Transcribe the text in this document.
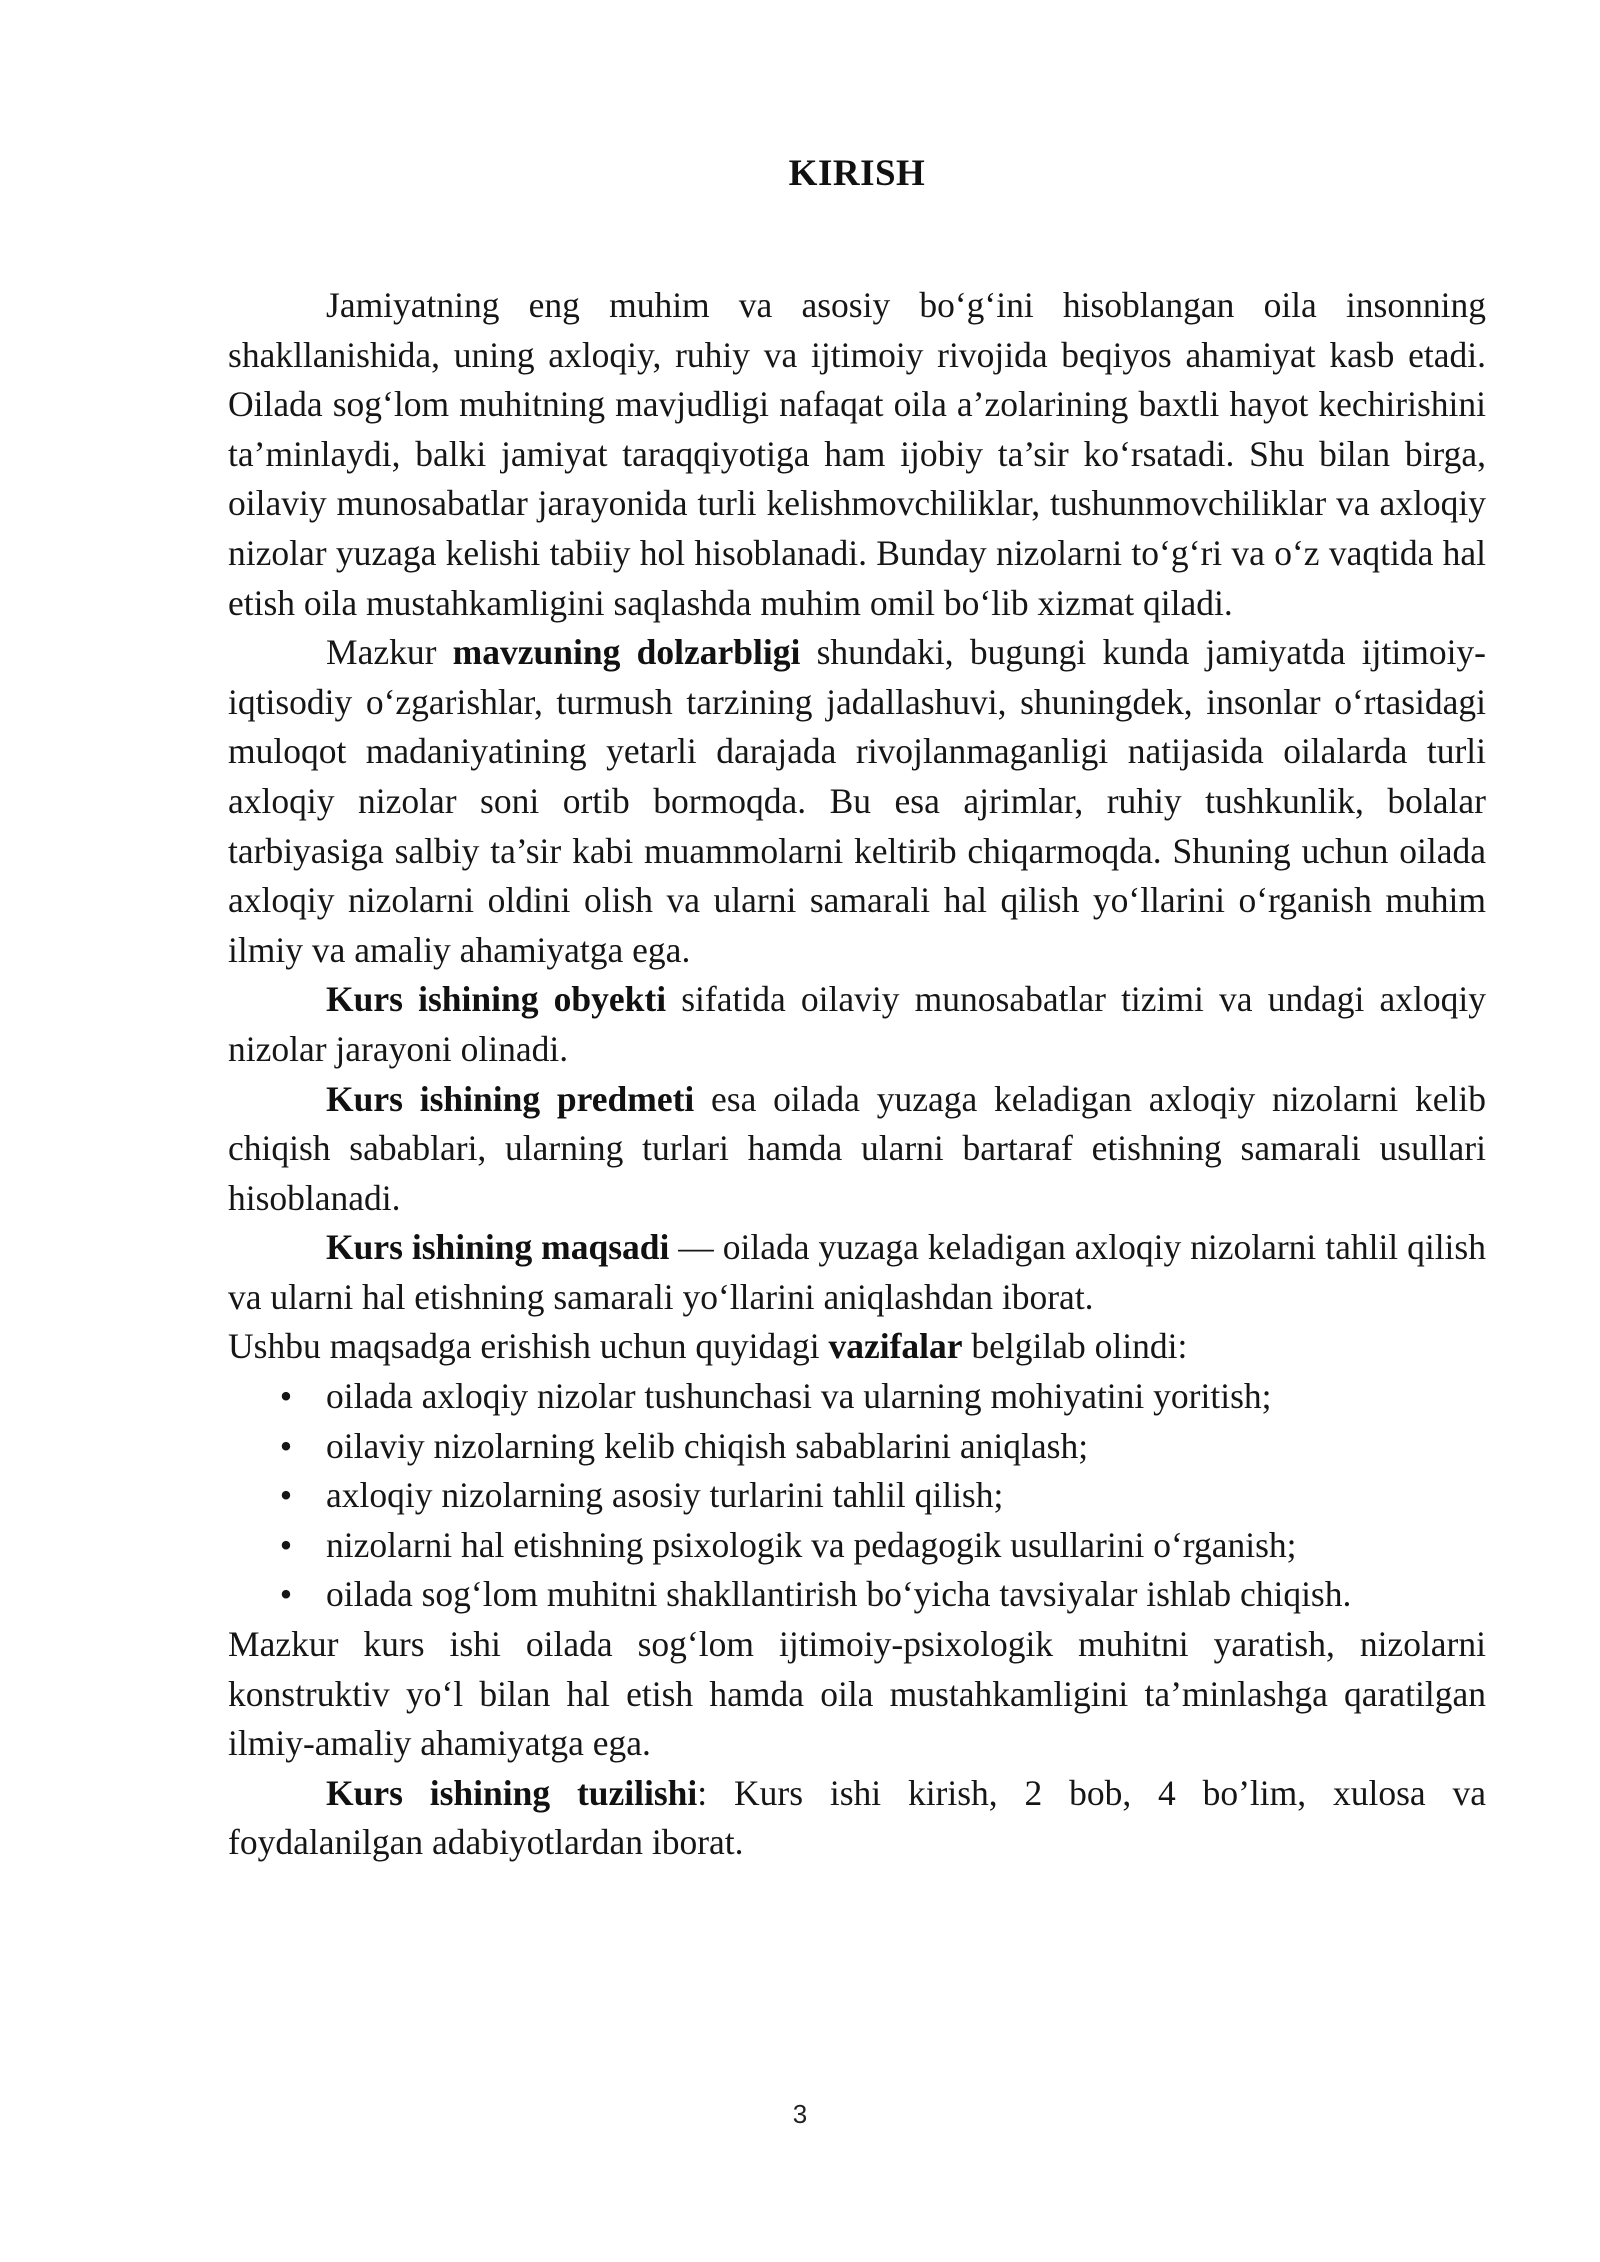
KIRISH

Jamiyatning eng muhim va asosiy bo‘g‘ini hisoblangan oila insonning shakllanishida, uning axloqiy, ruhiy va ijtimoiy rivojida beqiyos ahamiyat kasb etadi. Oilada sog‘lom muhitning mavjudligi nafaqat oila a’zolarining baxtli hayot kechirishini ta’minlaydi, balki jamiyat taraqqiyotiga ham ijobiy ta’sir ko‘rsatadi. Shu bilan birga, oilaviy munosabatlar jarayonida turli kelishmovchiliklar, tushunmovchiliklar va axloqiy nizolar yuzaga kelishi tabiiy hol hisoblanadi. Bunday nizolarni to‘g‘ri va o‘z vaqtida hal etish oila mustahkamligini saqlashda muhim omil bo‘lib xizmat qiladi.

Mazkur mavzuning dolzarbligi shundaki, bugungi kunda jamiyatda ijtimoiy-iqtisodiy o‘zgarishlar, turmush tarzining jadallashuvi, shuningdek, insonlar o‘rtasidagi muloqot madaniyatining yetarli darajada rivojlanmaganligi natijasida oilalarda turli axloqiy nizolar soni ortib bormoqda. Bu esa ajrimlar, ruhiy tushkunlik, bolalar tarbiyasiga salbiy ta’sir kabi muammolarni keltirib chiqarmoqda. Shuning uchun oilada axloqiy nizolarni oldini olish va ularni samarali hal qilish yo‘llarini o‘rganish muhim ilmiy va amaliy ahamiyatga ega.

Kurs ishining obyekti sifatida oilaviy munosabatlar tizimi va undagi axloqiy nizolar jarayoni olinadi.

Kurs ishining predmeti esa oilada yuzaga keladigan axloqiy nizolarni kelib chiqish sabablari, ularning turlari hamda ularni bartaraf etishning samarali usullari hisoblanadi.

Kurs ishining maqsadi — oilada yuzaga keladigan axloqiy nizolarni tahlil qilish va ularni hal etishning samarali yo‘llarini aniqlashdan iborat.

Ushbu maqsadga erishish uchun quyidagi vazifalar belgilab olindi:

• oilada axloqiy nizolar tushunchasi va ularning mohiyatini yoritish;
• oilaviy nizolarning kelib chiqish sabablarini aniqlash;
• axloqiy nizolarning asosiy turlarini tahlil qilish;
• nizolarni hal etishning psixologik va pedagogik usullarini o‘rganish;
• oilada sog‘lom muhitni shakllantirish bo‘yicha tavsiyalar ishlab chiqish.

Mazkur kurs ishi oilada sog‘lom ijtimoiy-psixologik muhitni yaratish, nizolarni konstruktiv yo‘l bilan hal etish hamda oila mustahkamligini ta’minlashga qaratilgan ilmiy-amaliy ahamiyatga ega.

Kurs ishining tuzilishi: Kurs ishi kirish, 2 bob, 4 bo’lim, xulosa va foydalanilgan adabiyotlardan iborat.

3
